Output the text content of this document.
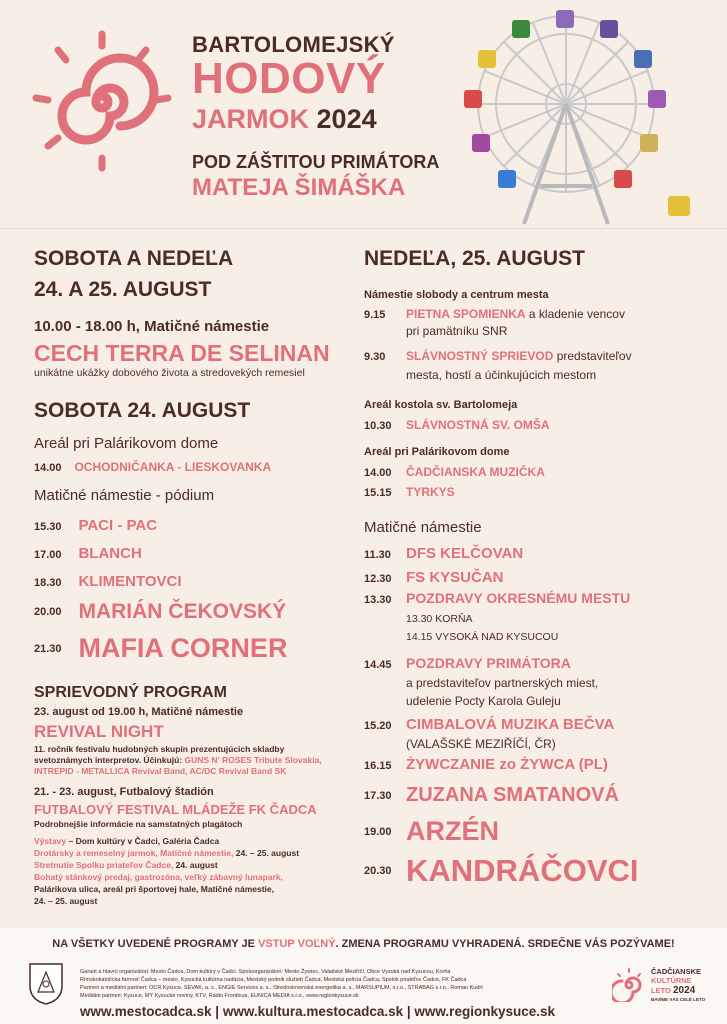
BARTOLOMEJSKÝ
HODOVÝ
JARMOK 2024
POD ZÁŠTITOU PRIMÁTORA
MATEJA ŠIMÁŠKA
SOBOTA A NEDEĽA
24. A 25. AUGUST
10.00 - 18.00 h, Matičné námestie
CECH TERRA DE SELINAN
unikátne ukážky dobového života a stredovekých remesiel
SOBOTA 24. AUGUST
Areál pri Palárikovom dome
14.00 OCHODNIČANKA - LIESKOVANKA
Matičné námestie - pódium
15.30 PACI - PAC
17.00 BLANCH
18.30 KLIMENTOVCI
20.00 MARIÁN ČEKOVSKÝ
21.30 MAFIA CORNER
SPRIEVODNÝ PROGRAM
23. august od 19.00 h, Matičné námestie
REVIVAL NIGHT
11. ročník festivalu hudobných skupín prezentujúcich skladby
svetoznámych interpretov. Účinkujú: GUNS N' ROSES Tribute Slovakia,
INTREPID - METALLICA Revival Band, AC/DC Revival Band SK
21. - 23. august, Futbalový štadión
FUTBALOVÝ FESTIVAL MLÁDEŽE FK ČADCA
Podrobnejšie informácie na samstatných plagátoch
Výstavy – Dom kultúry v Čadci, Galéria Čadca
Drotársky a remeselný jarmok, Matičné námestie, 24. – 25. august
Stretnutie Spolku priateľov Čadce, 24. august
Bohatý stánkový predaj, gastrozóna, veľký zábavný lunapark,
Palárikova ulica, areál pri športovej hale, Matičné námestie,
24. – 25. august
NEDEĽA, 25. AUGUST
Námestie slobody a centrum mesta
9.15 PIETNA SPOMIENKA a kladenie vencov
pri pamätníku SNR
9.30 SLÁVNOSTNÝ SPRIEVOD predstaviteľov
mesta, hostí a účinkujúcich mestom
Areál kostola sv. Bartolomeja
10.30 SLÁVNOSTNÁ SV. OMŠA
Areál pri Palárikovom dome
14.00 ČADČIANSKA MUZIČKA
15.15 TYRKYS
Matičné námestie
11.30 DFS KELČOVAN
12.30 FS KYSUČAN
13.30 POZDRAVY OKRESNÉMU MESTU
13.30 KORŇA
14.15 VYSOKÁ NAD KYSUCOU
14.45 POZDRAVY PRIMÁTORA
a predstaviteľov partnerských miest,
udelenie Pocty Karola Guleju
15.20 CIMBALOVÁ MUZIKA BEČVA
(VALAŠSKÉ MEZIŘÍČÍ, ČR)
16.15 ŻYWCZANIE zo ŻYWCA (PL)
17.30 ZUZANA SMATANOVÁ
19.00 ARZÉN
20.30 KANDRÁČOVCI
NA VŠETKY UVEDENÉ PROGRAMY JE VSTUP VOĽNÝ. ZMENA PROGRAMU VYHRADENÁ. SRDEČNE VÁS POZÝVAME!
Garant a hlavní organizátori: Mesto Čadca, Dom kultúry v Čadci. Spoluorganizátori: Mesto Žywiec, Valašské Meziříčí, Obce Vysoká nad Kysucou, Korňa
Rímskokatolícka farnosť Čadca – mesto, Kysucká kultúrna nadácia, Mestský podnik služieb Čadca, Mestská polícia Čadca, Spolok priateľov Čadce, FK Čadca
Partneri a mediálni partneri: OCR Kysuce, SEVAK, a. s., ENGIE Services a. s., Stredoslovenská energetika a. s., MARSUPIUM, s.r.o., STRABAG s.r.o., Roman Kudrt
Mediálni partneri: Kysuce, MY Kysucké noviny, KTV, Rádio Frontinus, EUNICA MEDIA s.r.o., www.regionkysuce.sk
www.mestocadca.sk | www.kultura.mestocadca.sk | www.regionkysuce.sk
ČADČIANSKE
KULTÚRNE
LETO 2024
BAVÍME VÁS CELÉ LETO
